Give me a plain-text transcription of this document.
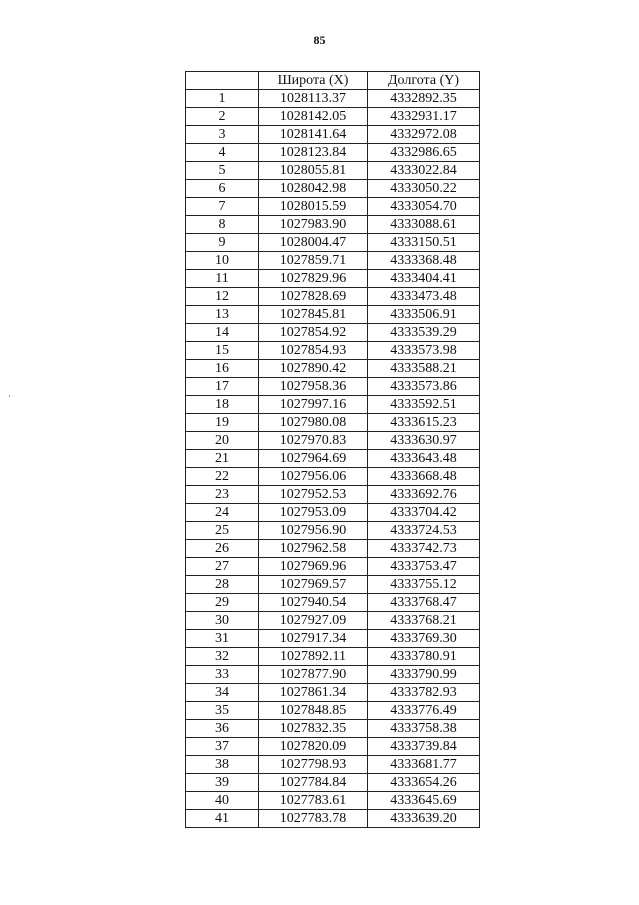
85
	Широта (X)	Долгота (Y)
1	1028113.37	4332892.35
2	1028142.05	4332931.17
3	1028141.64	4332972.08
4	1028123.84	4332986.65
5	1028055.81	4333022.84
6	1028042.98	4333050.22
7	1028015.59	4333054.70
8	1027983.90	4333088.61
9	1028004.47	4333150.51
10	1027859.71	4333368.48
11	1027829.96	4333404.41
12	1027828.69	4333473.48
13	1027845.81	4333506.91
14	1027854.92	4333539.29
15	1027854.93	4333573.98
16	1027890.42	4333588.21
17	1027958.36	4333573.86
18	1027997.16	4333592.51
19	1027980.08	4333615.23
20	1027970.83	4333630.97
21	1027964.69	4333643.48
22	1027956.06	4333668.48
23	1027952.53	4333692.76
24	1027953.09	4333704.42
25	1027956.90	4333724.53
26	1027962.58	4333742.73
27	1027969.96	4333753.47
28	1027969.57	4333755.12
29	1027940.54	4333768.47
30	1027927.09	4333768.21
31	1027917.34	4333769.30
32	1027892.11	4333780.91
33	1027877.90	4333790.99
34	1027861.34	4333782.93
35	1027848.85	4333776.49
36	1027832.35	4333758.38
37	1027820.09	4333739.84
38	1027798.93	4333681.77
39	1027784.84	4333654.26
40	1027783.61	4333645.69
41	1027783.78	4333639.20
